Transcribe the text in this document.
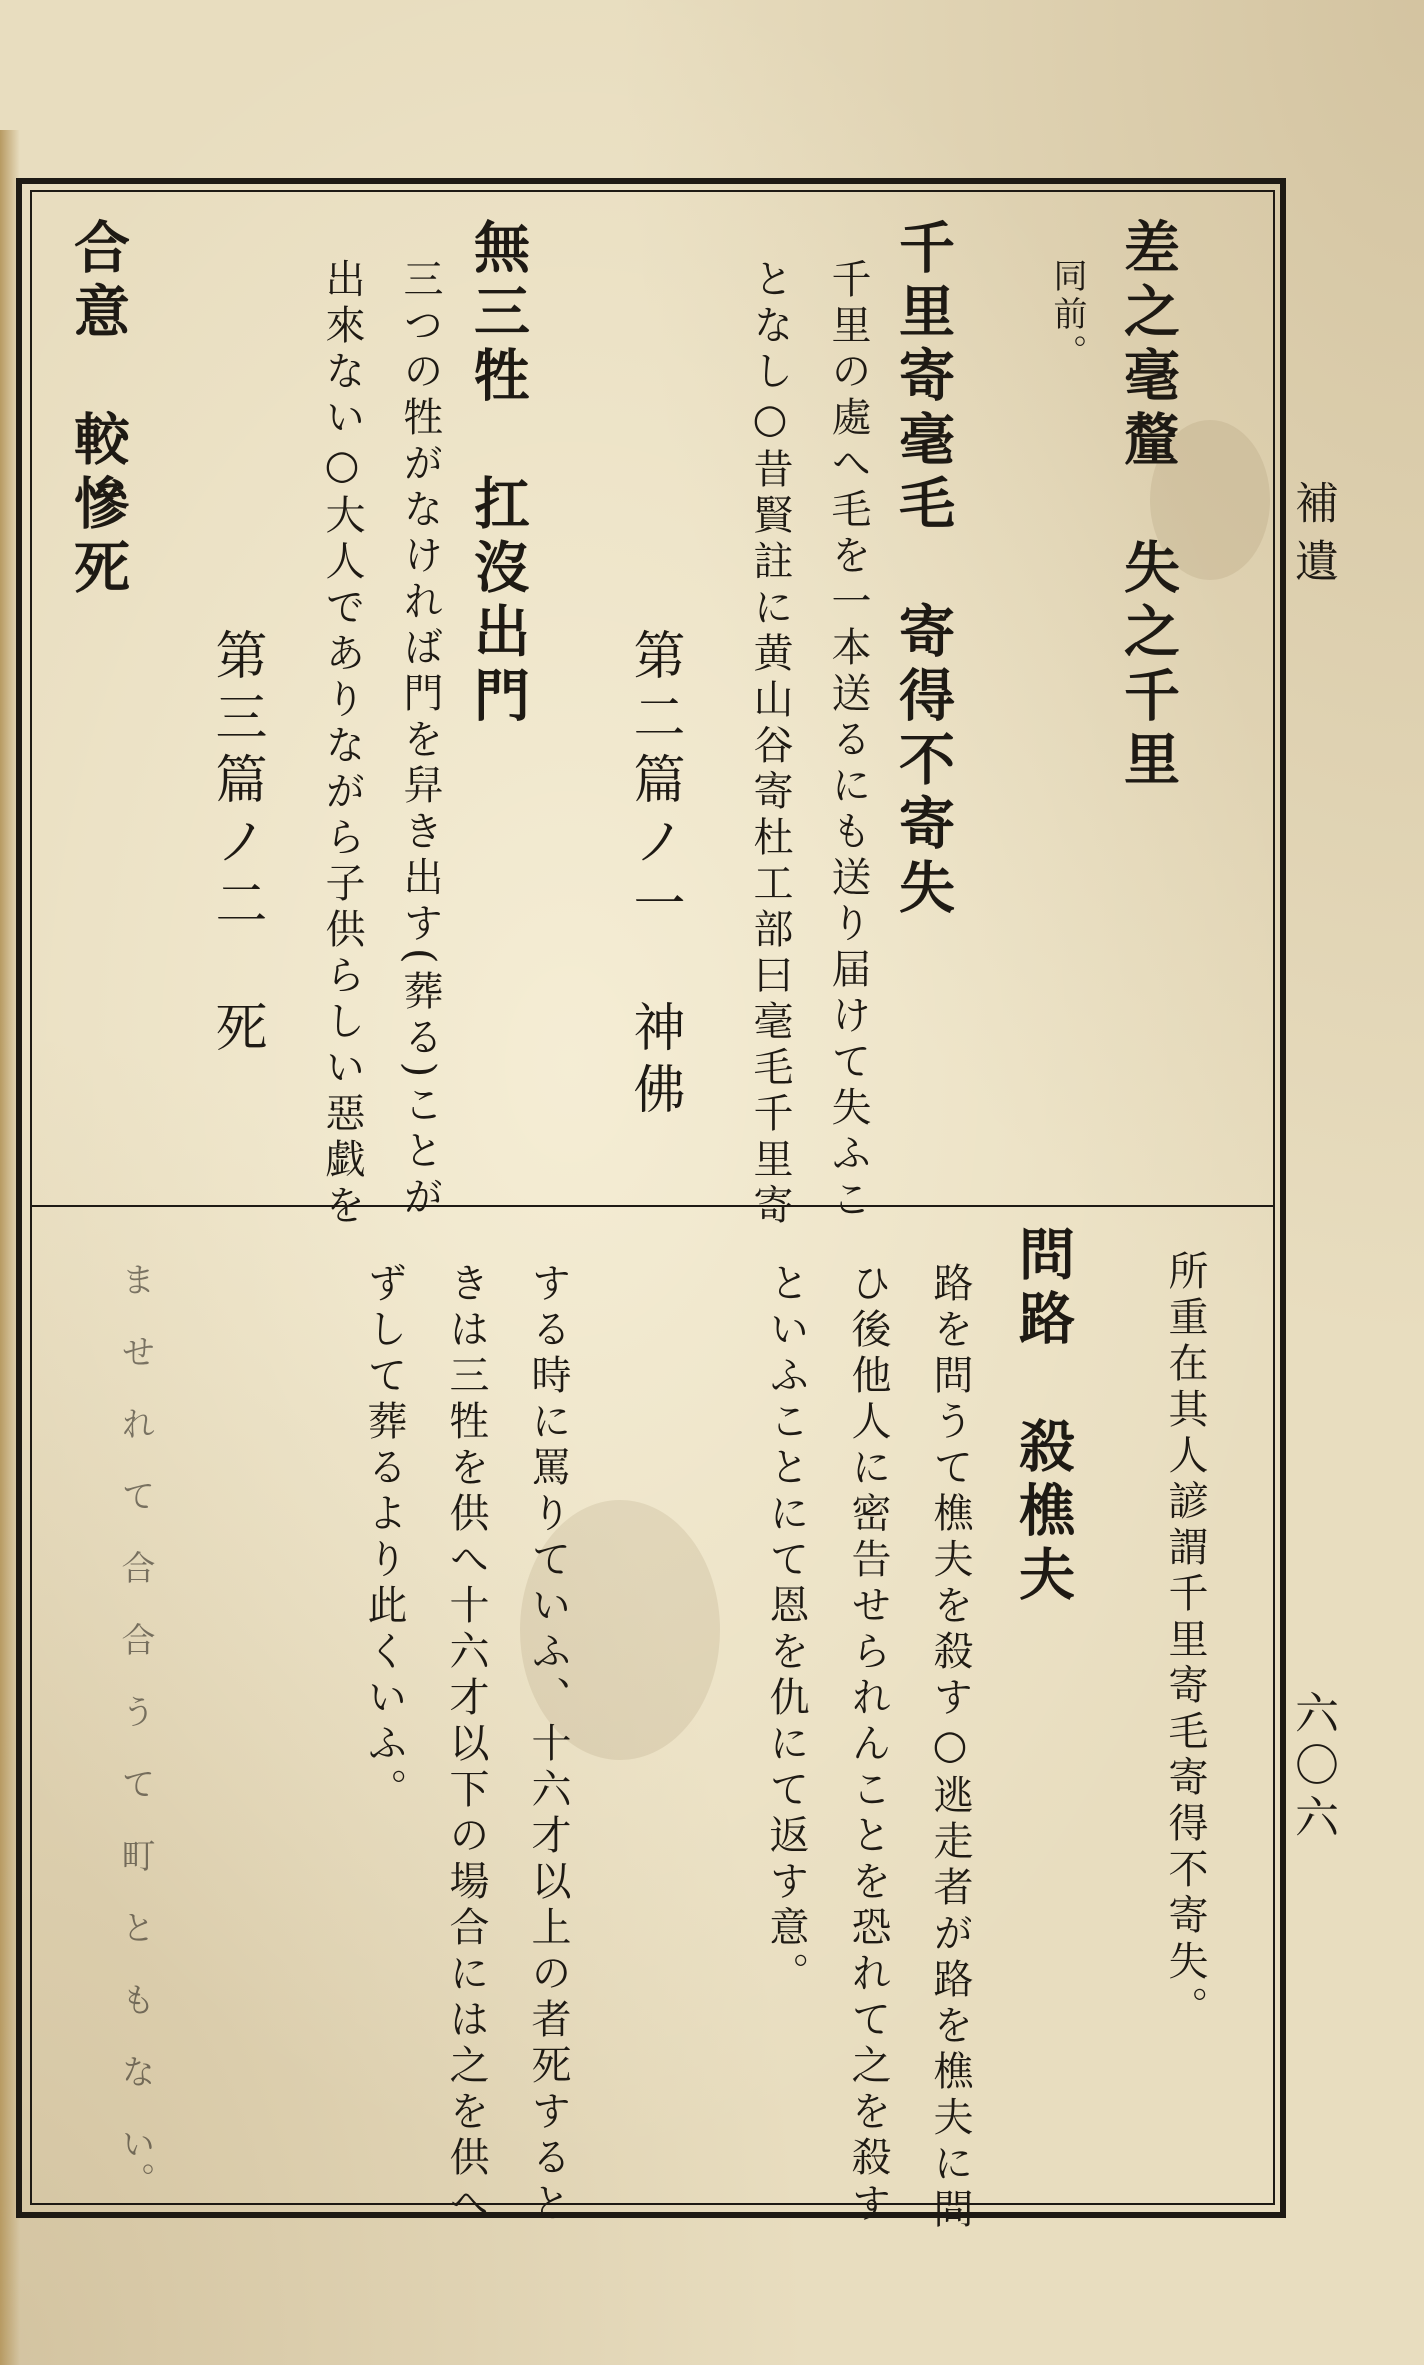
補遺
六〇六
差之毫釐　失之千里
同前。
千里寄毫毛　寄得不寄失
千里の處へ毛を一本送るにも送り届けて失ふこ
となし○昔賢註に黄山谷寄杜工部曰毫毛千里寄
第二篇ノ一　神佛
無三牲　扛沒出門
三つの牲がなければ門を舁き出す(葬る)ことが
出來ない○大人でありながら子供らしい惡戯を
第三篇ノ二　死
合意　較慘死
所重在其人諺謂千里寄毛寄得不寄失。
問路　殺樵夫
路を問うて樵夫を殺す○逃走者が路を樵夫に問
ひ後他人に密告せられんことを恐れて之を殺す
といふことにて恩を仇にて返す意。
する時に罵りていふ、十六才以上の者死すると
きは三牲を供へ十六才以下の場合には之を供へ
ずして葬るより此くいふ。
ま　せ　れ　て　合　合　う　て　町　と　も　な　い。
